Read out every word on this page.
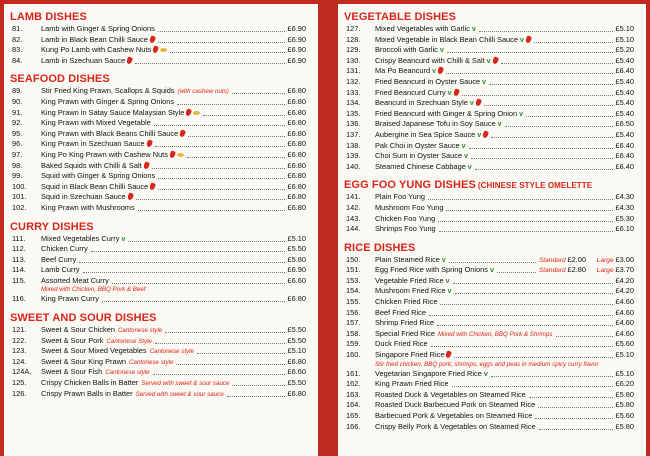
LAMB DISHES
81.	Lamb with Ginger & Spring Onions	£6.90
82.	Lamb in Black Bean Chilli Sauce	£6.90
83.	Kung Po Lamb with Cashew Nuts	£6.90
84.	Lamb in Szechuan Sauce	£6.90
SEAFOOD DISHES
89.	Stir Fried King Prawn, Scallops & Squids (with cashew nuts)	£6.80
90.	King Prawn with Ginger & Spring Onions	£6.80
91.	King Prawn in Satay Sauce Malaysian Style	£6.80
92.	King Prawn with Mixed Vegetable	£6.80
95.	King Prawn with Black Beans Chilli Sauce	£6.80
96.	King Prawn in Szechuan Sauce	£6.80
97.	King Po King Prawn with Cashew Nuts	£6.80
98.	Baked Squids with Chilli & Salt	£6.80
99.	Squid with Ginger & Spring Onions	£6.80
100.	Squid in Black Bean Chilli Sauce	£6.80
101.	Squid in Szechuan Sauce	£6.80
102.	King Prawn with Mushrooms	£6.80
CURRY DISHES
111.	Mixed Vegetables Curry v	£5.10
112.	Chicken Curry	£5.50
113.	Beef Curry	£5.80
114.	Lamb Curry	£6.90
115.	Assorted Meat Curry	£6.60
Mixed with Chicken, BBQ Pork & Beef
116.	King Prawn Curry	£6.80
SWEET AND SOUR DISHES
121.	Sweet & Sour Chicken Cantonese style	£5.50
122.	Sweet & Sour Pork Cantonese Style	£5.50
123.	Sweet & Sour Mixed Vegetables Cantonese style	£5.10
124.	Sweet & Sour King Prawn Cantonese style	£6.80
124A.	Sweet & Sour Fish Cantonese style	£6.60
125.	Crispy Chicken Balls in Batter Served with sweet & sour sauce	£5.50
126.	Crispy Prawn Balls in Batter Served with sweet & sour sauce	£6.80
VEGETABLE DISHES
127.	Mixed Vegetables with Garlic v	£5.10
128.	Mixed Vegetable in Black Bean Chilli Sauce v	£5.10
129.	Broccoli with Garlic v	£5.20
130.	Crispy Beancurd with Chilli & Salt v	£5.40
131.	Ma Po Beancurd v	£6.40
132.	Fried Beancurd in Oyster Sauce v	£5.40
133.	Fried Beancurd Curry v	£5.40
134.	Beancurd in Szechuan Style v	£5.40
135.	Fried Beancurd with Ginger & Spring Onion v	£5.40
136.	Braised Japanese Tofu in Soy Sauce v	£6.50
137.	Aubergine in Sea Spice Sauce v	£5.40
138.	Pak Choi in Oyster Sauce v	£6.40
139.	Choi Sum in Oyster Sauce v	£6.40
140.	Steamed Chinese Cabbage v	£6.40
EGG FOO YUNG DISHES (CHINESE STYLE OMELETTE
141.	Plain Foo Yung	£4.30
142.	Mushroom Foo Yung	£4.30
143.	Chicken Foo Yung	£5.30
144.	Shrimps Foo Yung	£6.10
RICE DISHES
150.	Plain Steamed Rice v	Standard £2.00 Large £3.00
151.	Egg Fried Rice with Spring Onions v	Standard £2.80 Large £3.70
153.	Vegetable Fried Rice v	£4.20
154.	Mushroom Fried Rice v	£4.20
155.	Chicken Fried Rice	£4.60
156.	Beef Fried Rice	£4.60
157.	Shrimp Fried Rice	£4.60
158.	Special Fried Rice Mixed with Chicken, BBQ Pork & Shrimps	£4.60
159.	Duck Fried Rice	£5.60
160.	Singapore Fried Rice	£5.10
Stir fried chicken, BBQ pork, shrimps, eggs and peas in medium spicy curry flavor
161.	Vegetarian Singapore Fried Rice v	£5.10
162.	King Prawn Fried Rice	£6.20
163.	Roasted Duck & Vegetables on Steamed Rice	£5.80
164.	Roasted Duck Barbecued Pork on Steamed Rice	£5.80
165.	Barbecued Pork & Vegetables on Steamed Rice	£5.60
166.	Crispy Belly Pork & Vegetables on Steamed Rice	£5.80
